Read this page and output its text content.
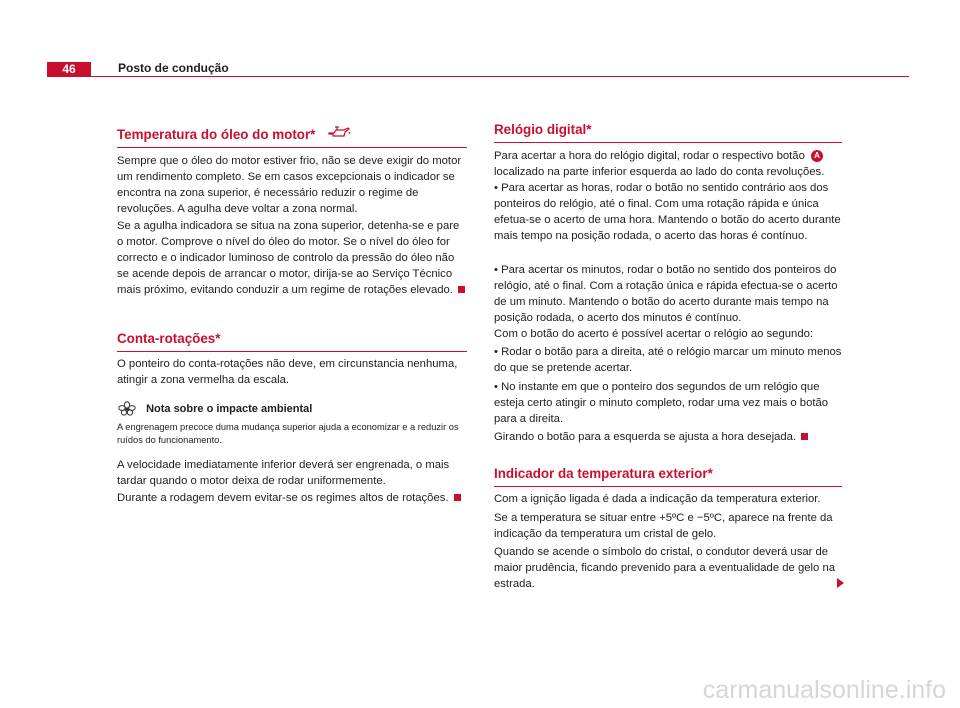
46	Posto de condução
Temperatura do óleo do motor*

Sempre que o óleo do motor estiver frio, não se deve exigir do motor um rendimento completo. Se em casos excepcionais o indicador se encontra na zona superior, é necessário reduzir o regime de revoluções. A agulha deve voltar a zona normal.

Se a agulha indicadora se situa na zona superior, detenha-se e pare o motor. Comprove o nível do óleo do motor. Se o nível do óleo for correcto e o indicador luminoso de controlo da pressão do óleo não se acende depois de arrancar o motor, dirija-se ao Serviço Técnico mais próximo, evitando conduzir a um regime de rotações elevado.

Conta-rotações*

O ponteiro do conta-rotações não deve, em circunstancia nenhuma, atingir a zona vermelha da escala.

Nota sobre o impacte ambiental
A engrenagem precoce duma mudança superior ajuda a economizar e a reduzir os ruídos do funcionamento.

A velocidade imediatamente inferior deverá ser engrenada, o mais tardar quando o motor deixa de rodar uniformemente.

Durante a rodagem devem evitar-se os regimes altos de rotações.

Relógio digital*

Para acertar a hora do relógio digital, rodar o respectivo botão A
localizado na parte inferior esquerda ao lado do conta revoluções.

• Para acertar as horas, rodar o botão no sentido contrário aos dos ponteiros do relógio, até o final. Com uma rotação rápida e única efetua-se o acerto de uma hora. Mantendo o botão do acerto durante mais tempo na posição rodada, o acerto das horas é contínuo.

• Para acertar os minutos, rodar o botão no sentido dos ponteiros do relógio, até o final. Com a rotação única e rápida efectua-se o acerto de um minuto. Mantendo o botão do acerto durante mais tempo na posição rodada, o acerto dos minutos é contínuo.

Com o botão do acerto é possível acertar o relógio ao segundo:

• Rodar o botão para a direita, até o relógio marcar um minuto menos do que se pretende acertar.

• No instante em que o ponteiro dos segundos de um relógio que esteja certo atingir o minuto completo, rodar uma vez mais o botão para a direita.

Girando o botão para a esquerda se ajusta a hora desejada.

Indicador da temperatura exterior*

Com a ignição ligada é dada a indicação da temperatura exterior.

Se a temperatura se situar entre +5ºC e −5ºC, aparece na frente da indicação da temperatura um cristal de gelo.

Quando se acende o símbolo do cristal, o condutor deverá usar de maior prudência, ficando prevenido para a eventualidade de gelo na estrada.

carmanualsonline.info
